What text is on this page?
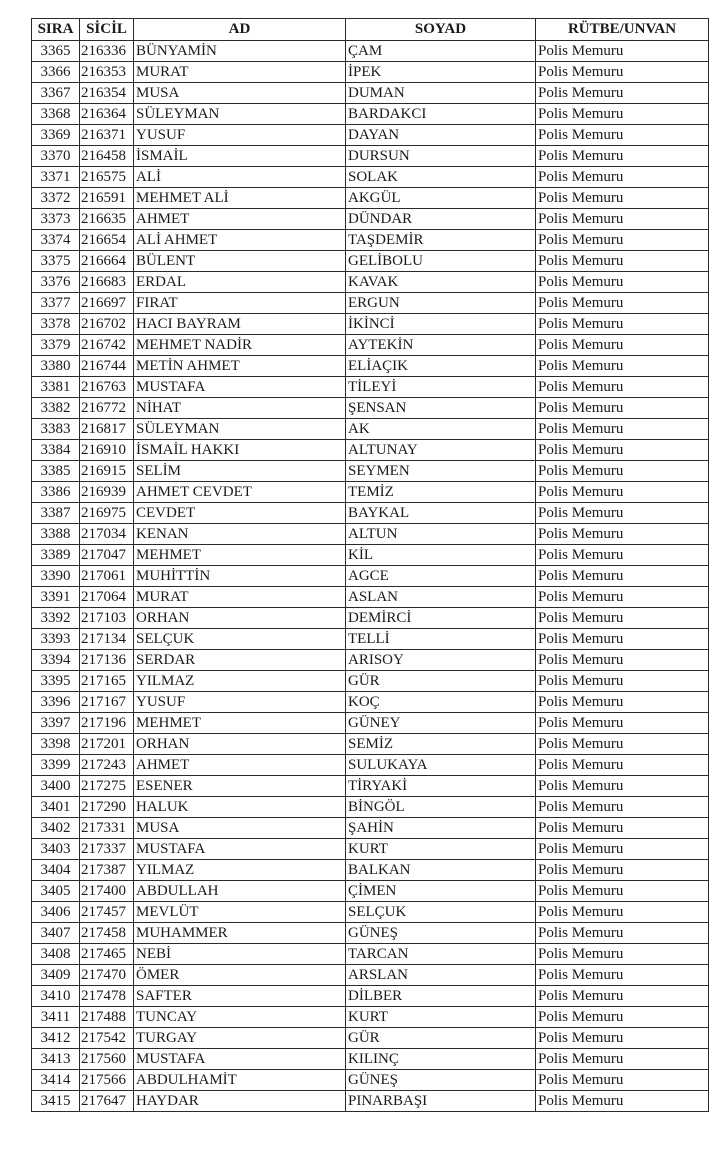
SIRA	SİCİL	AD	SOYAD	RÜTBE/UNVAN
3365	216336	BÜNYAMİN	ÇAM	Polis Memuru
3366	216353	MURAT	İPEK	Polis Memuru
3367	216354	MUSA	DUMAN	Polis Memuru
3368	216364	SÜLEYMAN	BARDAKCI	Polis Memuru
3369	216371	YUSUF	DAYAN	Polis Memuru
3370	216458	İSMAİL	DURSUN	Polis Memuru
3371	216575	ALİ	SOLAK	Polis Memuru
3372	216591	MEHMET ALİ	AKGÜL	Polis Memuru
3373	216635	AHMET	DÜNDAR	Polis Memuru
3374	216654	ALİ AHMET	TAŞDEMİR	Polis Memuru
3375	216664	BÜLENT	GELİBOLU	Polis Memuru
3376	216683	ERDAL	KAVAK	Polis Memuru
3377	216697	FIRAT	ERGUN	Polis Memuru
3378	216702	HACI BAYRAM	İKİNCİ	Polis Memuru
3379	216742	MEHMET NADİR	AYTEKİN	Polis Memuru
3380	216744	METİN AHMET	ELİAÇIK	Polis Memuru
3381	216763	MUSTAFA	TİLEYİ	Polis Memuru
3382	216772	NİHAT	ŞENSAN	Polis Memuru
3383	216817	SÜLEYMAN	AK	Polis Memuru
3384	216910	İSMAİL HAKKI	ALTUNAY	Polis Memuru
3385	216915	SELİM	SEYMEN	Polis Memuru
3386	216939	AHMET CEVDET	TEMİZ	Polis Memuru
3387	216975	CEVDET	BAYKAL	Polis Memuru
3388	217034	KENAN	ALTUN	Polis Memuru
3389	217047	MEHMET	KİL	Polis Memuru
3390	217061	MUHİTTİN	AGCE	Polis Memuru
3391	217064	MURAT	ASLAN	Polis Memuru
3392	217103	ORHAN	DEMİRCİ	Polis Memuru
3393	217134	SELÇUK	TELLİ	Polis Memuru
3394	217136	SERDAR	ARISOY	Polis Memuru
3395	217165	YILMAZ	GÜR	Polis Memuru
3396	217167	YUSUF	KOÇ	Polis Memuru
3397	217196	MEHMET	GÜNEY	Polis Memuru
3398	217201	ORHAN	SEMİZ	Polis Memuru
3399	217243	AHMET	SULUKAYA	Polis Memuru
3400	217275	ESENER	TİRYAKİ	Polis Memuru
3401	217290	HALUK	BİNGÖL	Polis Memuru
3402	217331	MUSA	ŞAHİN	Polis Memuru
3403	217337	MUSTAFA	KURT	Polis Memuru
3404	217387	YILMAZ	BALKAN	Polis Memuru
3405	217400	ABDULLAH	ÇİMEN	Polis Memuru
3406	217457	MEVLÜT	SELÇUK	Polis Memuru
3407	217458	MUHAMMER	GÜNEŞ	Polis Memuru
3408	217465	NEBİ	TARCAN	Polis Memuru
3409	217470	ÖMER	ARSLAN	Polis Memuru
3410	217478	SAFTER	DİLBER	Polis Memuru
3411	217488	TUNCAY	KURT	Polis Memuru
3412	217542	TURGAY	GÜR	Polis Memuru
3413	217560	MUSTAFA	KILINÇ	Polis Memuru
3414	217566	ABDULHAMİT	GÜNEŞ	Polis Memuru
3415	217647	HAYDAR	PINARBAŞI	Polis Memuru
